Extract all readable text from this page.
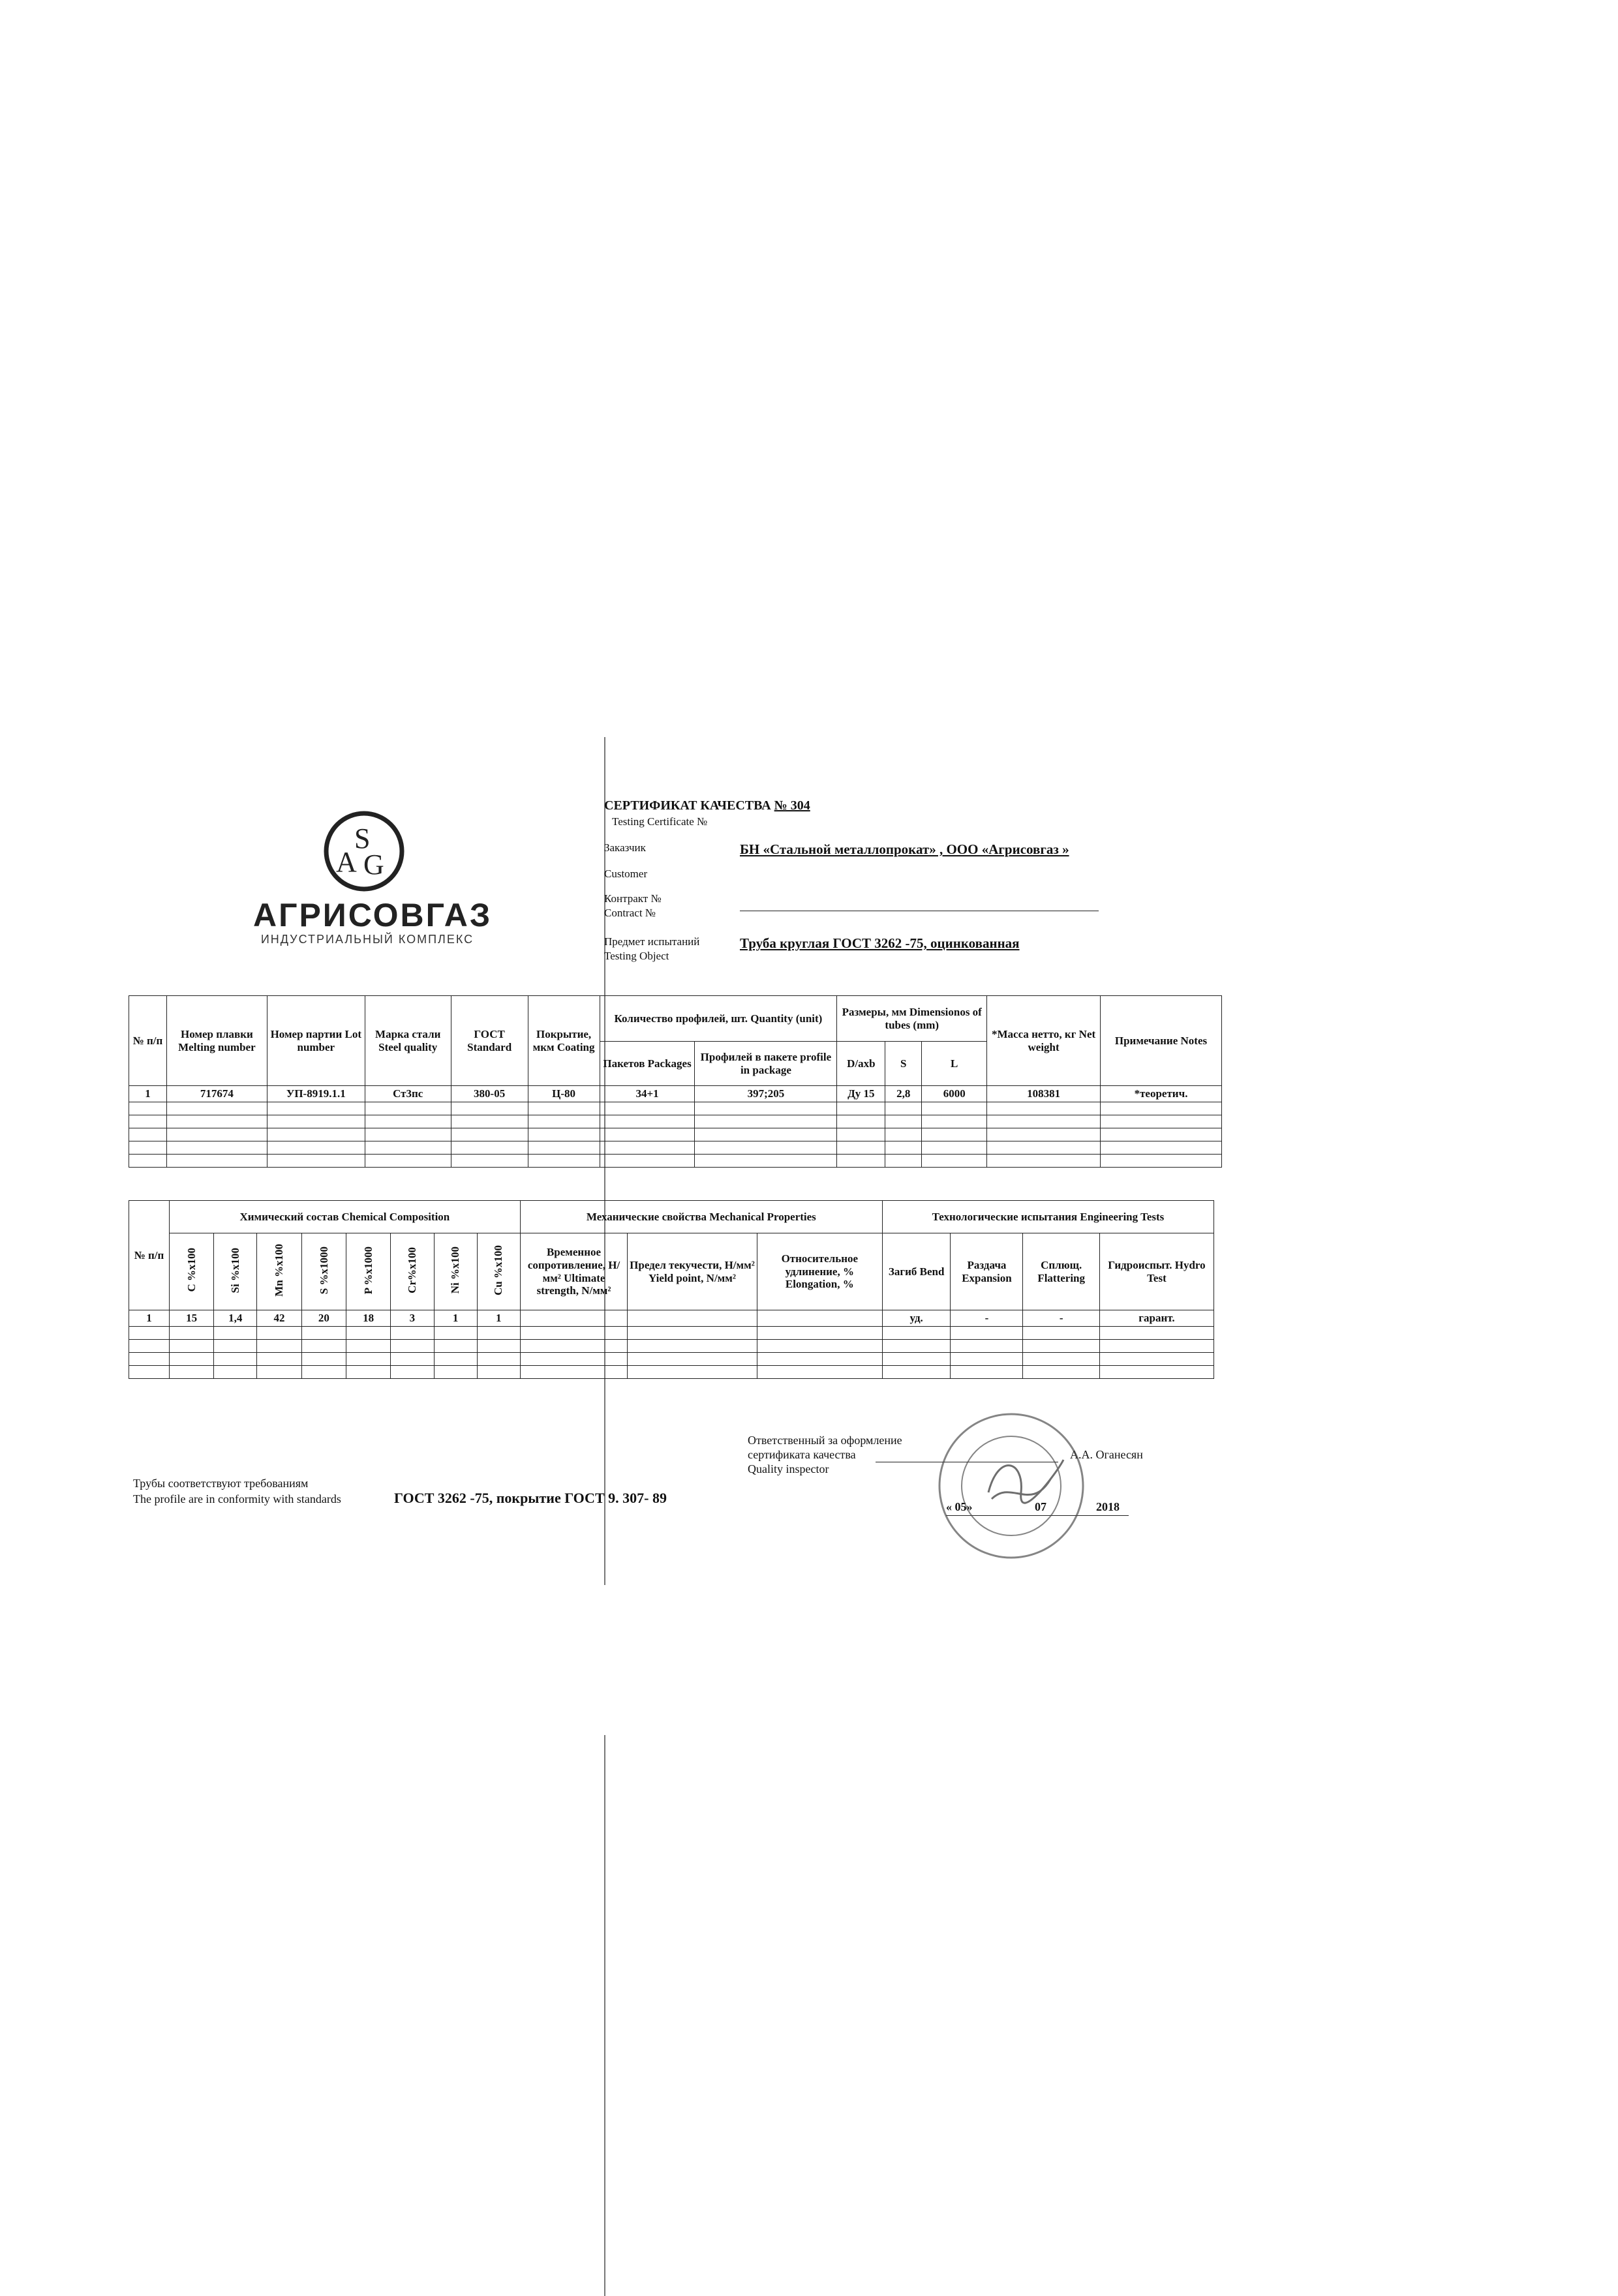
S
A G
АГРИСОВГАЗ
ИНДУСТРИАЛЬНЫЙ КОМПЛЕКС
СЕРТИФИКАТ КАЧЕСТВА № 304
Testing Certificate №
Заказчик	БН «Стальной металлопрокат» , ООО «Агрисовгаз »
Customer
Контракт №
Contract №
Предмет испытаний
Testing Object
Труба круглая ГОСТ 3262 -75, оцинкованная
№ п/п	Номер плавки Melting number	Номер партии Lot number	Марка стали Steel quality	ГОСТ Standard	Покрытие, мкм Coating	Количество профилей, шт. Quantity (unit)		Размеры, мм Dimensionos of tubes (mm)			*Масса нетто, кг Net weight	Примечание Notes
						Пакетов Packages	Профилей в пакете profile in package	D/axb	S	L		
1	717674	УП-8919.1.1	Ст3пс	380-05	Ц-80	34+1	397;205	Ду 15	2,8	6000	108381	*теоретич.

№ п/п	Химический состав Chemical Composition								Механические свойства Mechanical Properties			Технологические испытания Engineering Tests			
	C %x100	Si %x100	Mn %x100	S %x1000	P %x1000	Cr%x100	Ni %x100	Cu %x100	Временное сопротивление, Н/мм² Ultimate strength, N/мм²	Предел текучести, Н/мм² Yield point, N/мм²	Относительное удлинение, % Elongation, %	Загиб Bend	Раздача Expansion	Сплющ. Flattering	Гидроиспыт. Hydro Test
1	15	1,4	42	20	18	3	1	1				уд.	-	-	гарант.

Ответственный за оформление
сертификата качества
Quality inspector
А.А. Оганесян
« 05»	07	2018
Трубы соответствуют требованиям
The profile are in conformity with standards	ГОСТ 3262 -75, покрытие ГОСТ 9. 307- 89
